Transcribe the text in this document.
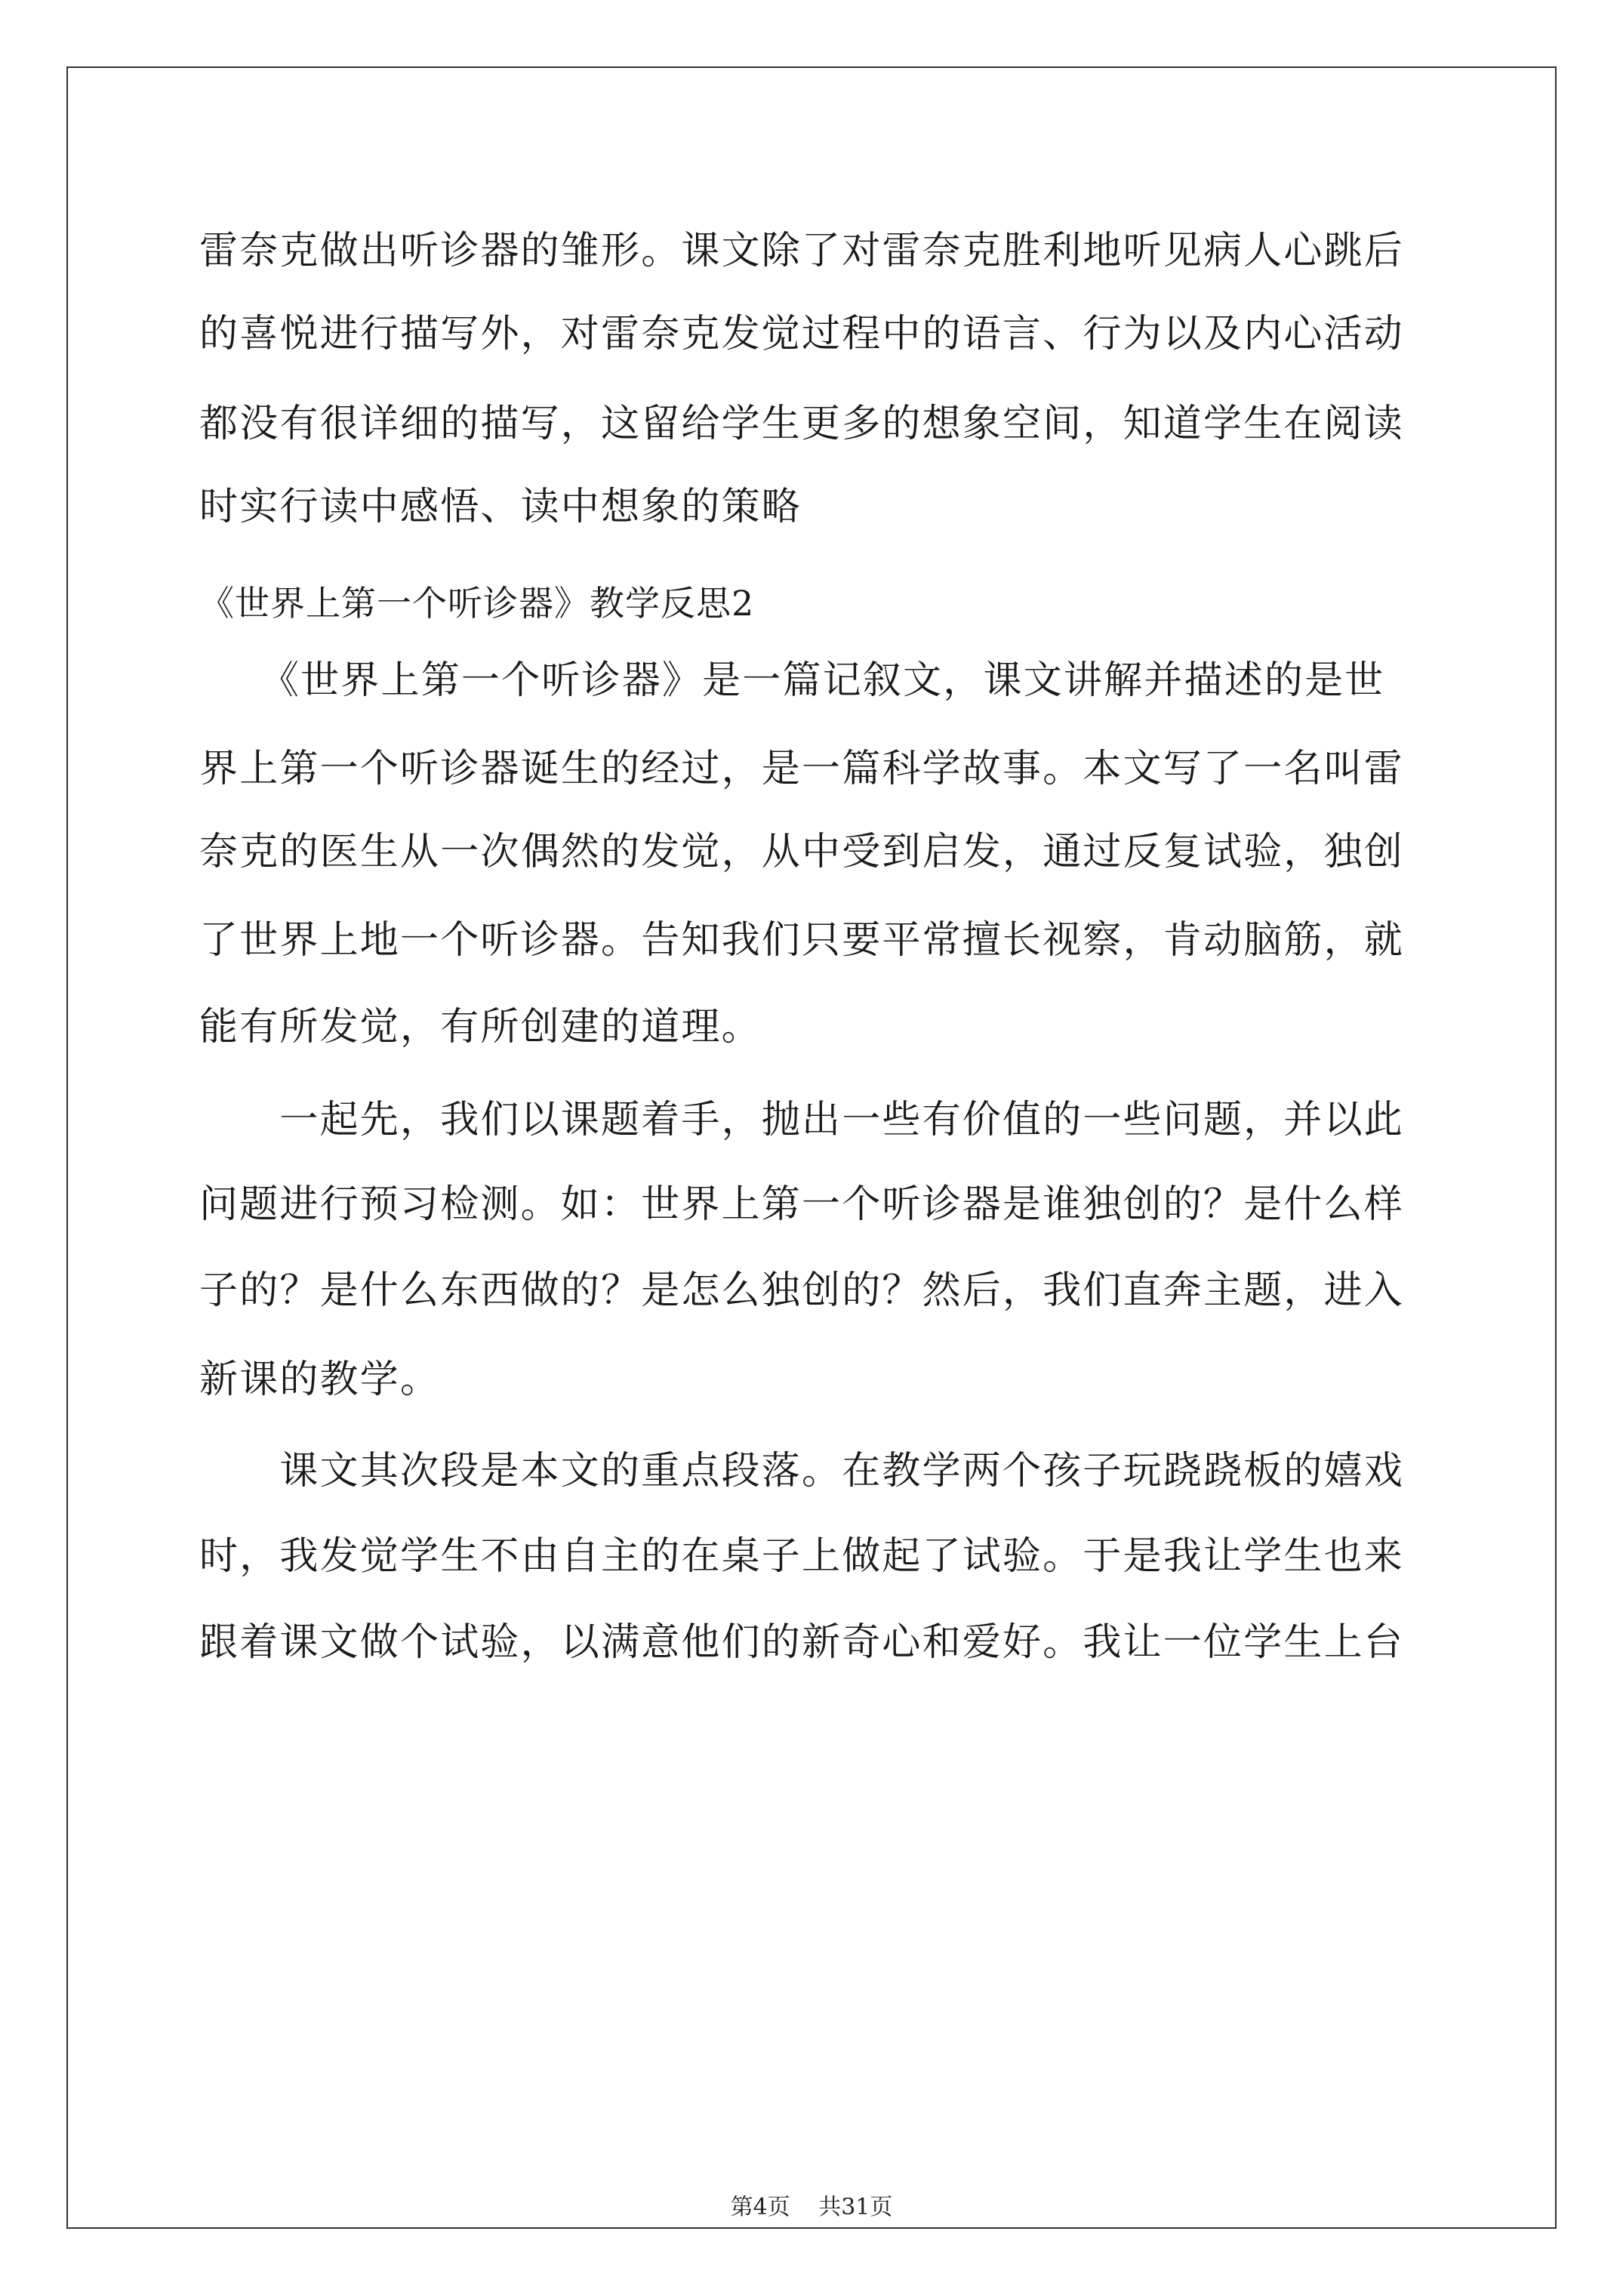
雷奈克做出听诊器的雏形。课文除了对雷奈克胜利地听见病人心跳后
的喜悦进行描写外，对雷奈克发觉过程中的语言、行为以及内心活动
都没有很详细的描写，这留给学生更多的想象空间，知道学生在阅读
时实行读中感悟、读中想象的策略
《世界上第一个听诊器》教学反思2
　　《世界上第一个听诊器》是一篇记叙文，课文讲解并描述的是世
界上第一个听诊器诞生的经过，是一篇科学故事。本文写了一名叫雷
奈克的医生从一次偶然的发觉，从中受到启发，通过反复试验，独创
了世界上地一个听诊器。告知我们只要平常擅长视察，肯动脑筋，就
能有所发觉，有所创建的道理。
　　一起先，我们以课题着手，抛出一些有价值的一些问题，并以此
问题进行预习检测。如：世界上第一个听诊器是谁独创的？是什么样
子的？是什么东西做的？是怎么独创的？然后，我们直奔主题，进入
新课的教学。
　　课文其次段是本文的重点段落。在教学两个孩子玩跷跷板的嬉戏
时，我发觉学生不由自主的在桌子上做起了试验。于是我让学生也来
跟着课文做个试验，以满意他们的新奇心和爱好。我让一位学生上台
第4页 共31页
